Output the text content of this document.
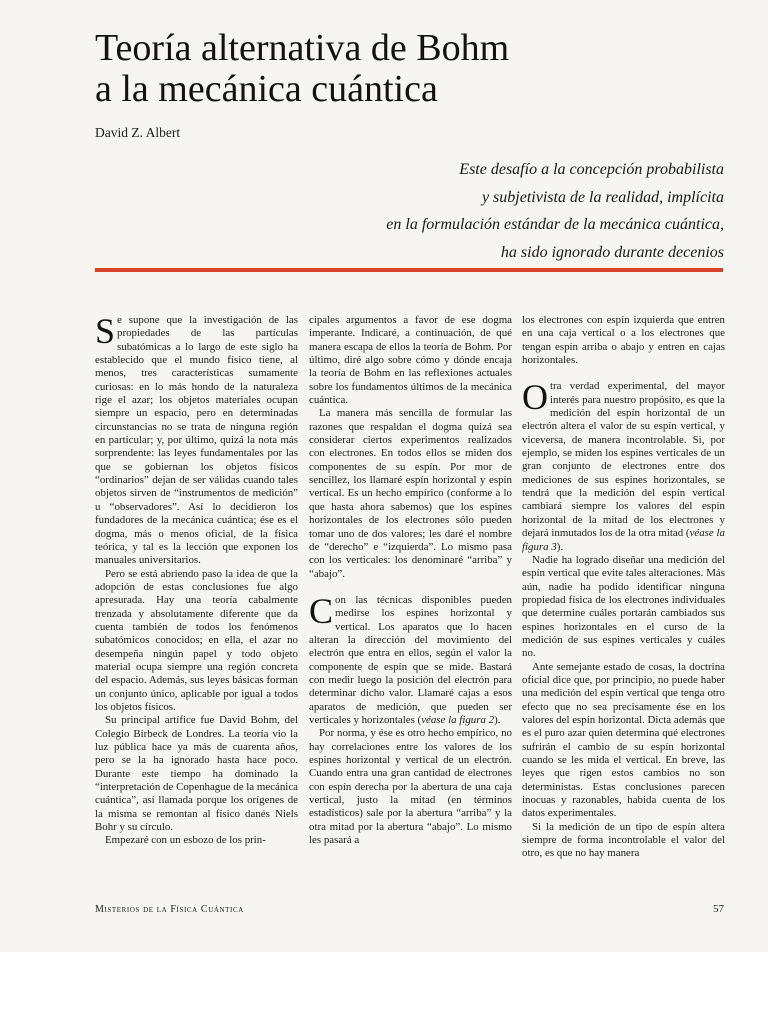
Teoría alternativa de Bohm
a la mecánica cuántica
David Z. Albert
Este desafío a la concepción probabilista
y subjetivista de la realidad, implícita
en la formulación estándar de la mecánica cuántica,
ha sido ignorado durante decenios

Se supone que la investigación de las propiedades de las partículas subatómicas a lo largo de este siglo ha establecido que el mundo físico tiene, al menos, tres características sumamente curiosas: en lo más hondo de la naturaleza rige el azar; los objetos materiales ocupan siempre un espacio, pero en determinadas circunstancias no se trata de ninguna región en particular; y, por último, quizá la nota más sorprendente: las leyes fundamentales por las que se gobiernan los objetos físicos “ordinarios” dejan de ser válidas cuando tales objetos sirven de “instrumentos de medición” u “observadores”. Así lo decidieron los fundadores de la mecánica cuántica; ése es el dogma, más o menos oficial, de la física teórica, y tal es la lección que exponen los manuales universitarios.

Pero se está abriendo paso la idea de que la adopción de estas conclusiones fue algo apresurada. Hay una teoría cabalmente trenzada y absolutamente diferente que da cuenta también de todos los fenómenos subatómicos conocidos; en ella, el azar no desempeña ningún papel y todo objeto material ocupa siempre una región concreta del espacio. Además, sus leyes básicas forman un conjunto único, aplicable por igual a todos los objetos físicos.

Su principal artífice fue David Bohm, del Colegio Birbeck de Londres. La teoría vio la luz pública hace ya más de cuarenta años, pero se la ha ignorado hasta hace poco. Durante este tiempo ha dominado la “interpretación de Copenhague de la mecánica cuántica”, así llamada porque los orígenes de la misma se remontan al físico danés Niels Bohr y su círculo.

Empezaré con un esbozo de los prin-

cipales argumentos a favor de ese dogma imperante. Indicaré, a continuación, de qué manera escapa de ellos la teoría de Bohm. Por último, diré algo sobre cómo y dónde encaja la teoría de Bohm en las reflexiones actuales sobre los fundamentos últimos de la mecánica cuántica.

La manera más sencilla de formular las razones que respaldan el dogma quizá sea considerar ciertos experimentos realizados con electrones. En todos ellos se miden dos componentes de su espín. Por mor de sencillez, los llamaré espín horizontal y espín vertical. Es un hecho empírico (conforme a lo que hasta ahora sabemos) que los espines horizontales de los electrones sólo pueden tomar uno de dos valores; les daré el nombre de “derecho” e “izquierda”. Lo mismo pasa con los verticales: los denominaré “arriba” y “abajo”.

Con las técnicas disponibles pueden medirse los espines horizontal y vertical. Los aparatos que lo hacen alteran la dirección del movimiento del electrón que entra en ellos, según el valor la componente de espín que se mide. Bastará con medir luego la posición del electrón para determinar dicho valor. Llamaré cajas a esos aparatos de medición, que pueden ser verticales y horizontales (véase la figura 2).

Por norma, y ése es otro hecho empírico, no hay correlaciones entre los valores de los espines horizontal y vertical de un electrón. Cuando entra una gran cantidad de electrones con espín derecha por la abertura de una caja vertical, justo la mitad (en términos estadísticos) sale por la abertura “arriba” y la otra mitad por la abertura “abajo”. Lo mismo les pasará a

los electrones con espín izquierda que entren en una caja vertical o a los electrones que tengan espín arriba o abajo y entren en cajas horizontales.

Otra verdad experimental, del mayor interés para nuestro propósito, es que la medición del espín horizontal de un electrón altera el valor de su espín vertical, y viceversa, de manera incontrolable. Si, por ejemplo, se miden los espines verticales de un gran conjunto de electrones entre dos mediciones de sus espines horizontales, se tendrá que la medición del espín vertical cambiará siempre los valores del espín horizontal de la mitad de los electrones y dejará inmutados los de la otra mitad (véase la figura 3).

Nadie ha logrado diseñar una medición del espín vertical que evite tales alteraciones. Más aún, nadie ha podido identificar ninguna propiedad física de los electrones individuales que determine cuáles portarán cambiados sus espines horizontales en el curso de la medición de sus espines verticales y cuáles no.

Ante semejante estado de cosas, la doctrina oficial dice que, por principio, no puede haber una medición del espín vertical que tenga otro efecto que no sea precisamente ése en los valores del espín horizontal. Dicta además que es el puro azar quien determina qué electrones sufrirán el cambio de su espín horizontal cuando se les mida el vertical. En breve, las leyes que rigen estos cambios no son deterministas. Estas conclusiones parecen inocuas y razonables, habida cuenta de los datos experimentales.

Si la medición de un tipo de espín altera siempre de forma incontrolable el valor del otro, es que no hay manera

Misterios de la Física Cuántica	57
